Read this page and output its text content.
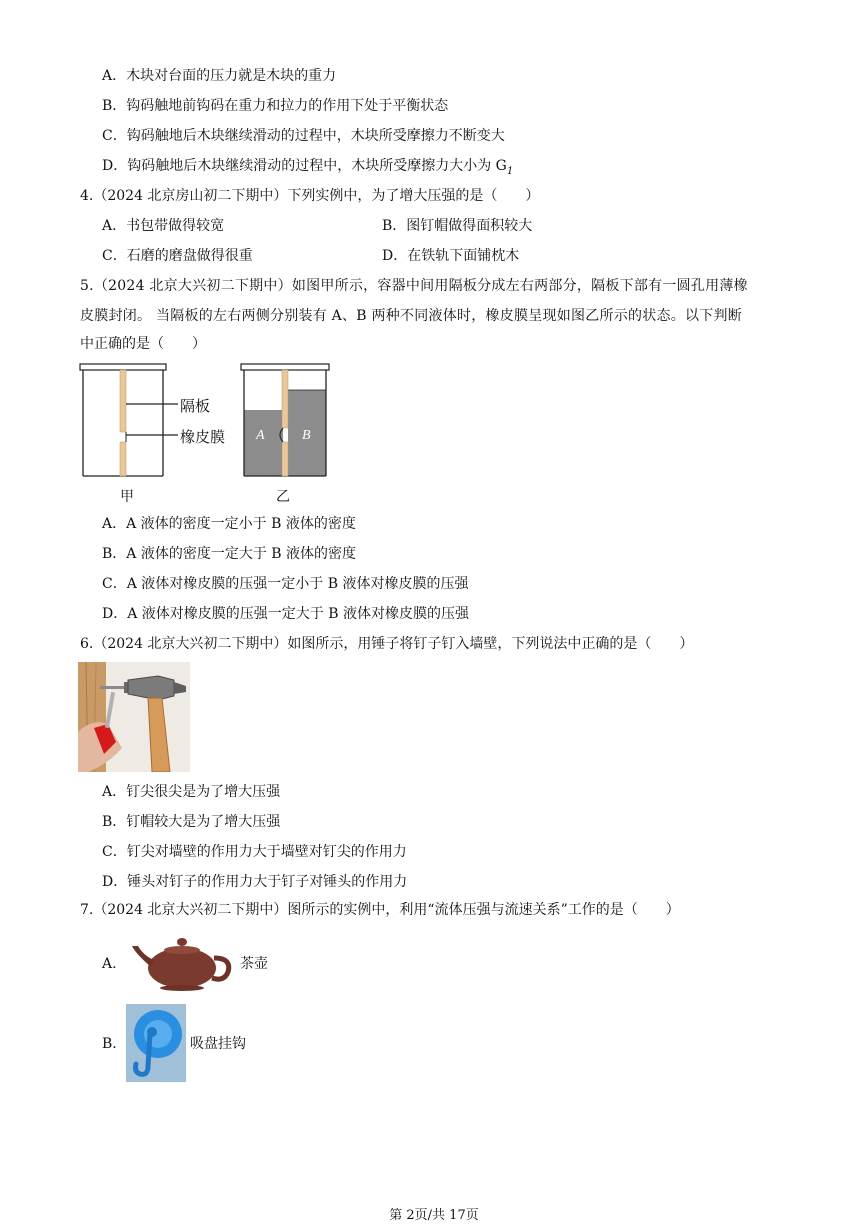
A．木块对台面的压力就是木块的重力
B．钩码触地前钩码在重力和拉力的作用下处于平衡状态
C．钩码触地后木块继续滑动的过程中，木块所受摩擦力不断变大
D．钩码触地后木块继续滑动的过程中，木块所受摩擦力大小为 $G_1$
4.（2024 北京房山初二下期中）下列实例中，为了增大压强的是（　　）
A．书包带做得较宽	B．图钉帽做得面积较大
C．石磨的磨盘做得很重	D．在铁轨下面铺枕木
5.（2024 北京大兴初二下期中）如图甲所示，容器中间用隔板分成左右两部分，隔板下部有一圆孔用薄橡
皮膜封闭。 当隔板的左右两侧分别装有 A、B 两种不同液体时，橡皮膜呈现如图乙所示的状态。以下判断
中正确的是（　　）
A	B
隔板
橡皮膜
甲	乙
A．A 液体的密度一定小于 B 液体的密度
B．A 液体的密度一定大于 B 液体的密度
C．A 液体对橡皮膜的压强一定小于 B 液体对橡皮膜的压强
D．A 液体对橡皮膜的压强一定大于 B 液体对橡皮膜的压强
6.（2024 北京大兴初二下期中）如图所示，用锤子将钉子钉入墙壁，下列说法中正确的是（　　）
A．钉尖很尖是为了增大压强
B．钉帽较大是为了增大压强
C．钉尖对墙壁的作用力大于墙壁对钉尖的作用力
D．锤头对钉子的作用力大于钉子对锤头的作用力
7.（2024 北京大兴初二下期中）图所示的实例中，利用“流体压强与流速关系”工作的是（　　）
A.	茶壶
B.	吸盘挂钩
第 2页/共 17页
